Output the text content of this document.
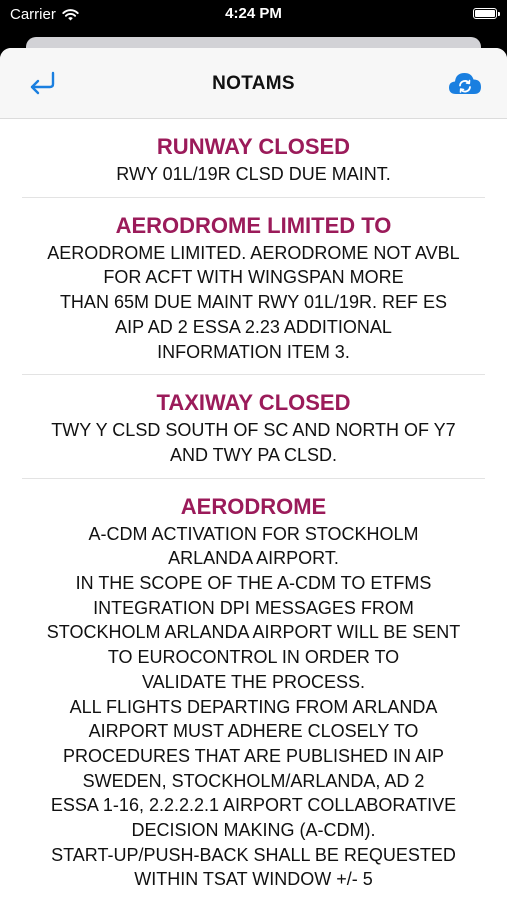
Carrier	4:24 PM
NOTAMS
RUNWAY CLOSED
RWY 01L/19R CLSD DUE MAINT.
AERODROME LIMITED TO
AERODROME LIMITED. AERODROME NOT AVBL
FOR ACFT WITH WINGSPAN MORE
THAN 65M DUE MAINT RWY 01L/19R. REF ES
AIP AD 2 ESSA 2.23 ADDITIONAL
INFORMATION ITEM 3.
TAXIWAY CLOSED
TWY Y CLSD SOUTH OF SC AND NORTH OF Y7
AND TWY PA CLSD.
AERODROME
A-CDM ACTIVATION FOR STOCKHOLM
ARLANDA AIRPORT.
IN THE SCOPE OF THE A-CDM TO ETFMS
INTEGRATION DPI MESSAGES FROM
STOCKHOLM ARLANDA AIRPORT WILL BE SENT
TO EUROCONTROL IN ORDER TO
VALIDATE THE PROCESS.
ALL FLIGHTS DEPARTING FROM ARLANDA
AIRPORT MUST ADHERE CLOSELY TO
PROCEDURES THAT ARE PUBLISHED IN AIP
SWEDEN, STOCKHOLM/ARLANDA, AD 2
ESSA 1-16, 2.2.2.2.1 AIRPORT COLLABORATIVE
DECISION MAKING (A-CDM).
START-UP/PUSH-BACK SHALL BE REQUESTED
WITHIN TSAT WINDOW +/- 5
